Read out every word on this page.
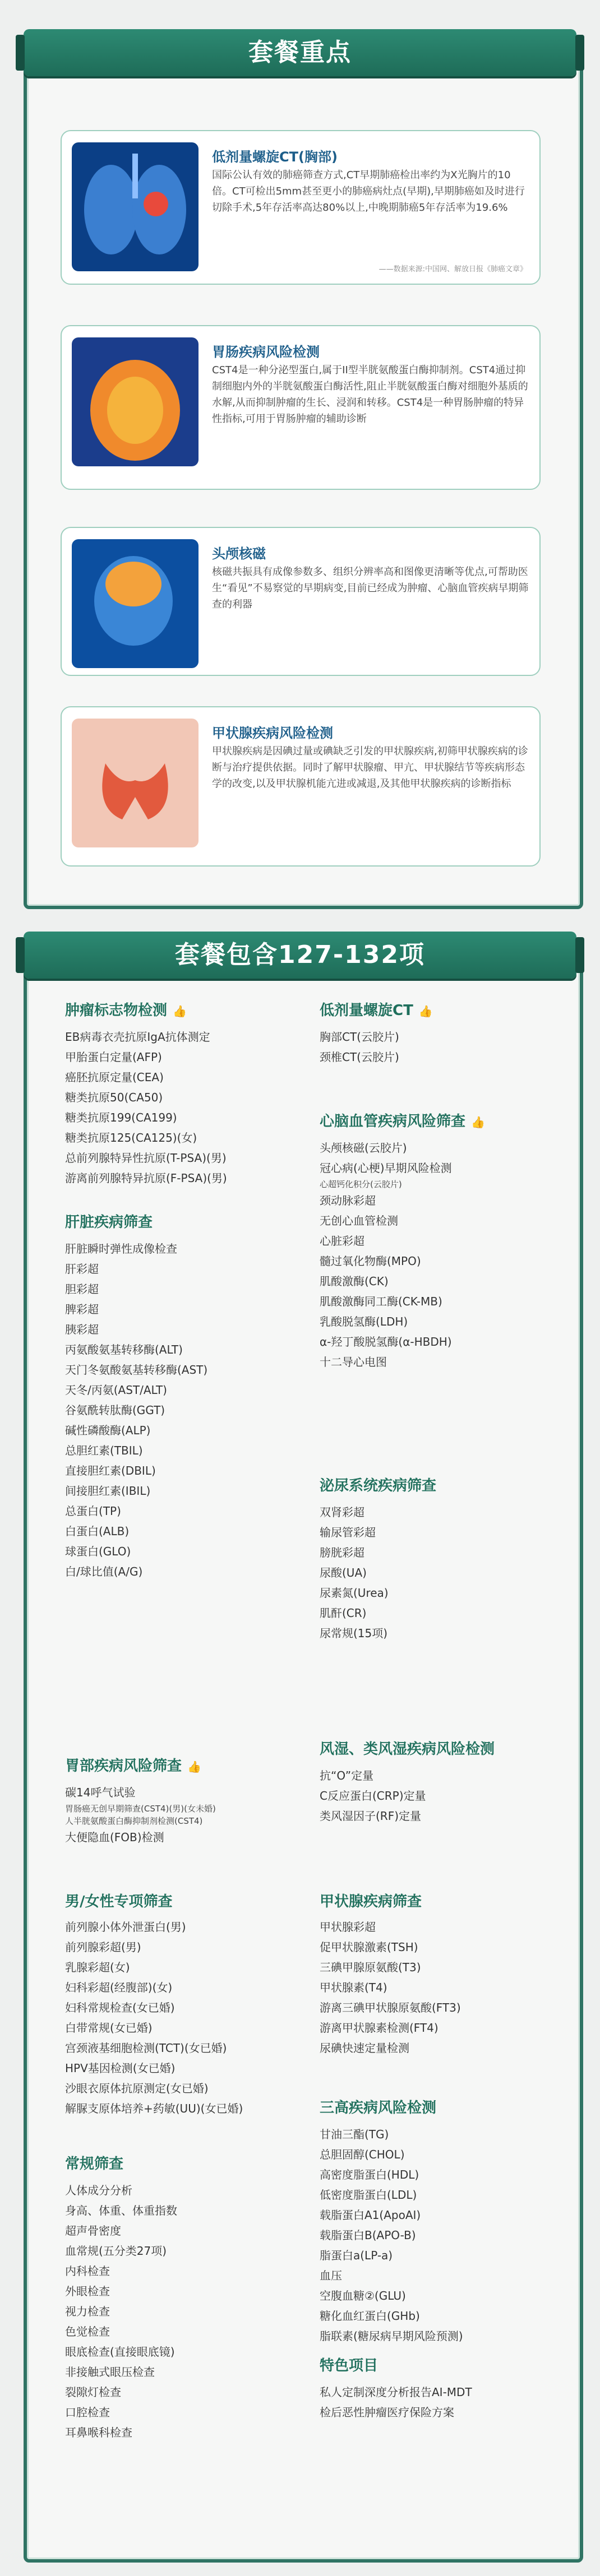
套餐重点
低剂量螺旋CT(胸部)
国际公认有效的肺癌筛查方式,CT早期肺癌检出率约为X光胸片的10倍。CT可检出5mm甚至更小的肺癌病灶点(早期),早期肺癌如及时进行切除手术,5年存活率高达80%以上,中晚期肺癌5年存活率为19.6%
——数据来源:中国网、解放日报《肺癌文章》
胃肠疾病风险检测
CST4是一种分泌型蛋白,属于II型半胱氨酸蛋白酶抑制剂。CST4通过抑制细胞内外的半胱氨酸蛋白酶活性,阻止半胱氨酸蛋白酶对细胞外基质的水解,从而抑制肿瘤的生长、浸润和转移。CST4是一种胃肠肿瘤的特异性指标,可用于胃肠肿瘤的辅助诊断
头颅核磁
核磁共振具有成像参数多、组织分辨率高和图像更清晰等优点,可帮助医生“看见”不易察觉的早期病变,目前已经成为肿瘤、心脑血管疾病早期筛查的利器
甲状腺疾病风险检测
甲状腺疾病是因碘过量或碘缺乏引发的甲状腺疾病,初筛甲状腺疾病的诊断与治疗提供依据。同时了解甲状腺瘤、甲亢、甲状腺结节等疾病形态学的改变,以及甲状腺机能亢进或减退,及其他甲状腺疾病的诊断指标
套餐包含127-132项
肿瘤标志物检测 👍
EB病毒衣壳抗原IgA抗体测定
甲胎蛋白定量(AFP)
癌胚抗原定量(CEA)
糖类抗原50(CA50)
糖类抗原199(CA199)
糖类抗原125(CA125)(女)
总前列腺特异性抗原(T-PSA)(男)
游离前列腺特异抗原(F-PSA)(男)
肝脏疾病筛查
肝脏瞬时弹性成像检查
肝彩超
胆彩超
脾彩超
胰彩超
丙氨酸氨基转移酶(ALT)
天门冬氨酸氨基转移酶(AST)
天冬/丙氨(AST/ALT)
谷氨酰转肽酶(GGT)
碱性磷酸酶(ALP)
总胆红素(TBIL)
直接胆红素(DBIL)
间接胆红素(IBIL)
总蛋白(TP)
白蛋白(ALB)
球蛋白(GLO)
白/球比值(A/G)
胃部疾病风险筛查 👍
碳14呼气试验
胃肠癌无创早期筛查(CST4)(男)(女未婚)
人半胱氨酸蛋白酶抑制剂检测(CST4)
大便隐血(FOB)检测
男/女性专项筛查
前列腺小体外泄蛋白(男)
前列腺彩超(男)
乳腺彩超(女)
妇科彩超(经腹部)(女)
妇科常规检查(女已婚)
白带常规(女已婚)
宫颈液基细胞检测(TCT)(女已婚)
HPV基因检测(女已婚)
沙眼衣原体抗原测定(女已婚)
解脲支原体培养+药敏(UU)(女已婚)
常规筛查
人体成分分析
身高、体重、体重指数
超声骨密度
血常规(五分类27项)
内科检查
外眼检查
视力检查
色觉检查
眼底检查(直接眼底镜)
非接触式眼压检查
裂隙灯检查
口腔检查
耳鼻喉科检查
低剂量螺旋CT 👍
胸部CT(云胶片)
颈椎CT(云胶片)
心脑血管疾病风险筛查 👍
头颅核磁(云胶片)
冠心病(心梗)早期风险检测
心超钙化积分(云胶片)
颈动脉彩超
无创心血管检测
心脏彩超
髓过氧化物酶(MPO)
肌酸激酶(CK)
肌酸激酶同工酶(CK-MB)
乳酸脱氢酶(LDH)
α-羟丁酸脱氢酶(α-HBDH)
十二导心电图
泌尿系统疾病筛查
双肾彩超
输尿管彩超
膀胱彩超
尿酸(UA)
尿素氮(Urea)
肌酐(CR)
尿常规(15项)
风湿、类风湿疾病风险检测
抗“O”定量
C反应蛋白(CRP)定量
类风湿因子(RF)定量
甲状腺疾病筛查
甲状腺彩超
促甲状腺激素(TSH)
三碘甲腺原氨酸(T3)
甲状腺素(T4)
游离三碘甲状腺原氨酸(FT3)
游离甲状腺素检测(FT4)
尿碘快速定量检测
三高疾病风险检测
甘油三酯(TG)
总胆固醇(CHOL)
高密度脂蛋白(HDL)
低密度脂蛋白(LDL)
载脂蛋白A1(ApoAI)
载脂蛋白B(APO-B)
脂蛋白a(LP-a)
血压
空腹血糖②(GLU)
糖化血红蛋白(GHb)
脂联素(糖尿病早期风险预测)
特色项目
私人定制深度分析报告AI-MDT
检后恶性肿瘤医疗保险方案
